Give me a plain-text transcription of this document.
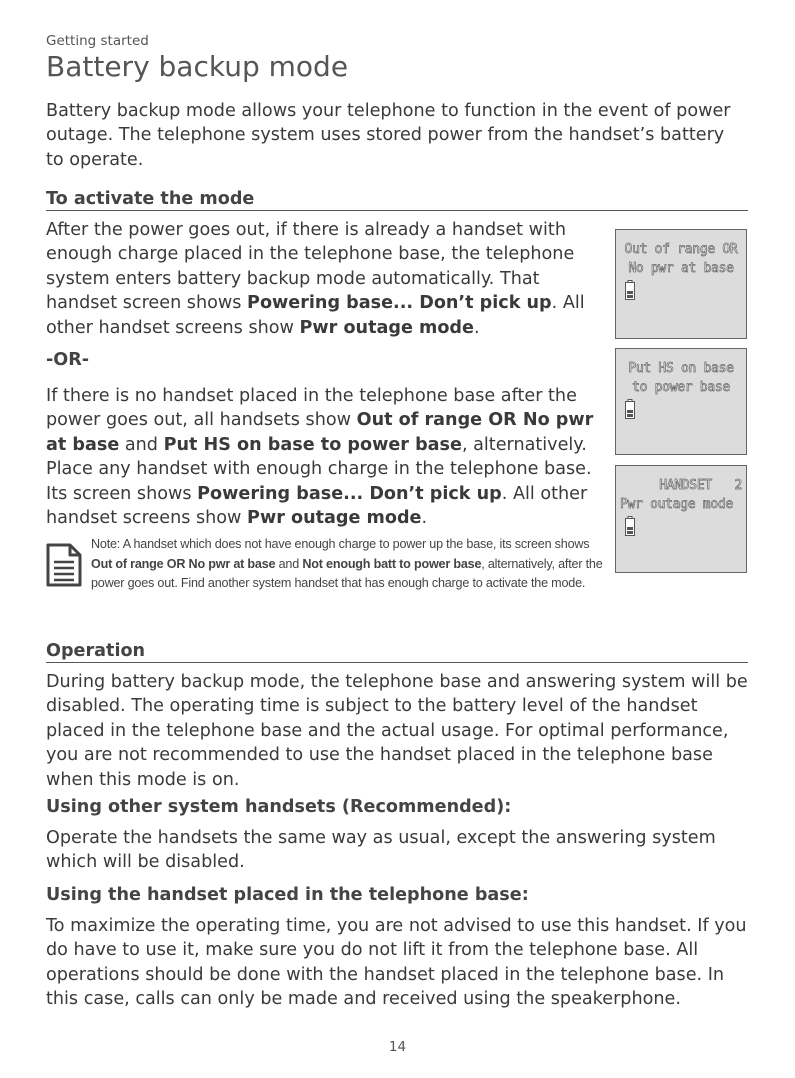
Getting started
Battery backup mode

Battery backup mode allows your telephone to function in the event of power outage. The telephone system uses stored power from the handset’s battery to operate.

To activate the mode

After the power goes out, if there is already a handset with enough charge placed in the telephone base, the telephone system enters battery backup mode automatically. That handset screen shows Powering base... Don’t pick up. All other handset screens show Pwr outage mode.

-OR-

If there is no handset placed in the telephone base after the power goes out, all handsets show Out of range OR No pwr at base and Put HS on base to power base, alternatively. Place any handset with enough charge in the telephone base. Its screen shows Powering base... Don’t pick up. All other handset screens show Pwr outage mode.

Note: A handset which does not have enough charge to power up the base, its screen shows Out of range OR No pwr at base and Not enough batt to power base, alternatively, after the power goes out. Find another system handset that has enough charge to activate the mode.

Out of range OR
No pwr at base
Put HS on base
to power base
HANDSET   2
Pwr outage mode
Operation

During battery backup mode, the telephone base and answering system will be disabled. The operating time is subject to the battery level of the handset placed in the telephone base and the actual usage. For optimal performance, you are not recommended to use the handset placed in the telephone base when this mode is on.

Using other system handsets (Recommended):

Operate the handsets the same way as usual, except the answering system which will be disabled.

Using the handset placed in the telephone base:

To maximize the operating time, you are not advised to use this handset. If you do have to use it, make sure you do not lift it from the telephone base. All operations should be done with the handset placed in the telephone base. In this case, calls can only be made and received using the speakerphone.

14
